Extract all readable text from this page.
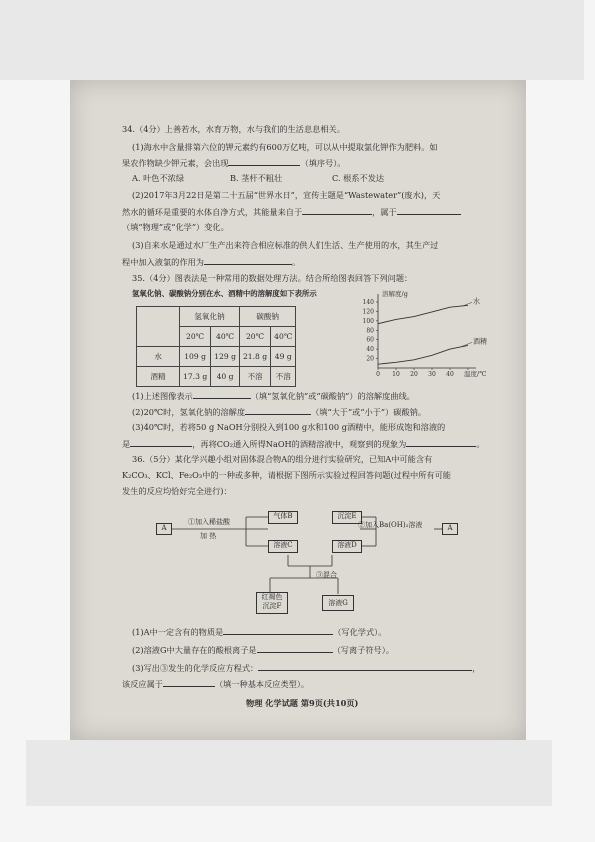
34.（4分）上善若水，水育万物，水与我们的生活息息相关。
(1)海水中含量排第六位的钾元素约有600万亿吨，可以从中提取氯化钾作为肥料。如
果农作物缺少钾元素，会出现	（填序号）。
A. 叶色不浓绿	B. 茎杆不粗壮	C. 根系不发达
(2)2017年3月22日是第二十五届“世界水日”，宣传主题是“Wastewater”(废水)，天
然水的循环是重要的水体自净方式，其能量来自于	，属于
（填“物理”或“化学”）变化。
(3)自来水是通过水厂生产出来符合相应标准的供人们生活、生产使用的水，其生产过
程中加入液氯的作用为	。
35.（4分）图表法是一种常用的数据处理方法。结合所给图表回答下列问题：
氢氧化钠、碳酸钠分别在水、酒精中的溶解度如下表所示
	氢氧化钠		碳酸钠	
	20℃	40℃	20℃	40℃
水	109 g	129 g	21.8 g	49 g
酒精	17.3 g	40 g	不溶	不溶
溶解度/g
温度/℃
20
40
60
80
100
120
140
0 10 20 30 40
水
酒精
(1)上述图像表示	（填“氢氧化钠”或“碳酸钠”）的溶解度曲线。
(2)20℃时，氢氧化钠的溶解度	（填“大于”或“小于”）碳酸钠。
(3)40℃时，若将50 g NaOH分别投入到100 g水和100 g酒精中，能形成饱和溶液的
是	，再将CO₂通入所得NaOH的酒精溶液中，观察到的现象为	。
36.（5分）某化学兴趣小组对固体混合物A的组分进行实验研究，已知A中可能含有
K₂CO₃、KCl、Fe₂O₃中的一种或多种，请根据下图所示实验过程回答问题(过程中所有可能
发生的反应均恰好完全进行)：
A
①加入稀盐酸
加 热
气体B
溶液C
沉淀E
溶液D
②加入Ba(OH)₂溶液	A
③混合
红褐色
沉淀F	溶液G
(1)A中一定含有的物质是	（写化学式）。
(2)溶液G中大量存在的酸根离子是	（写离子符号）。
(3)写出③发生的化学反应方程式：	，
该反应属于	（填一种基本反应类型）。
物理 化学试题 第9页(共10页)
